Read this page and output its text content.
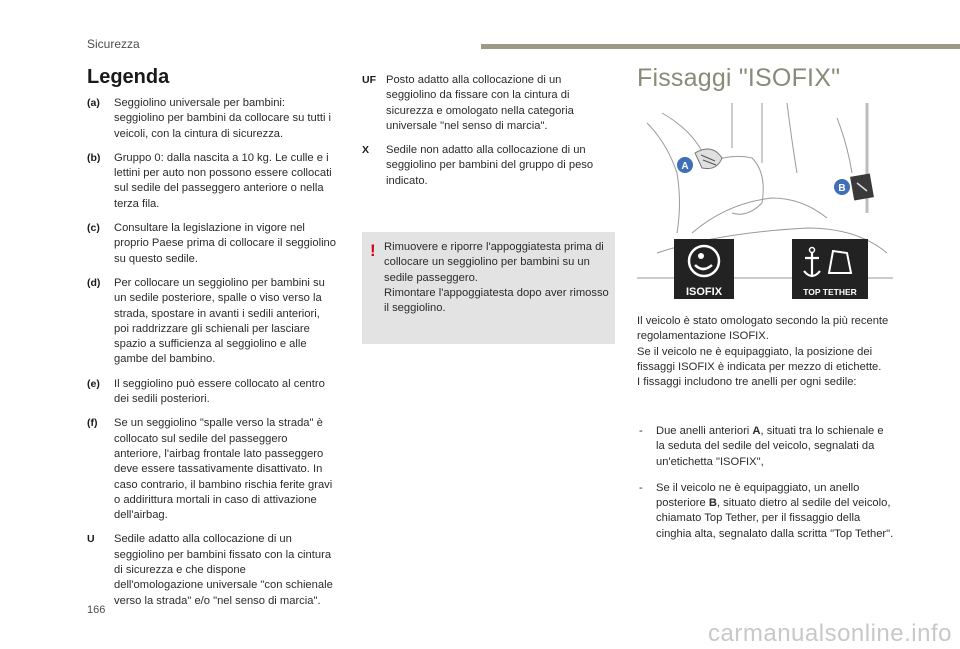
Sicurezza
Legenda
(a) Seggiolino universale per bambini: seggiolino per bambini da collocare su tutti i veicoli, con la cintura di sicurezza.
(b) Gruppo 0: dalla nascita a 10 kg. Le culle e i lettini per auto non possono essere collocati sul sedile del passeggero anteriore o nella terza fila.
(c) Consultare la legislazione in vigore nel proprio Paese prima di collocare il seggiolino su questo sedile.
(d) Per collocare un seggiolino per bambini su un sedile posteriore, spalle o viso verso la strada, spostare in avanti i sedili anteriori, poi raddrizzare gli schienali per lasciare spazio a sufficienza al seggiolino e alle gambe del bambino.
(e) Il seggiolino può essere collocato al centro dei sedili posteriori.
(f) Se un seggiolino "spalle verso la strada" è collocato sul sedile del passeggero anteriore, l'airbag frontale lato passeggero deve essere tassativamente disattivato. In caso contrario, il bambino rischia ferite gravi o addirittura mortali in caso di attivazione dell'airbag.
U Sedile adatto alla collocazione di un seggiolino per bambini fissato con la cintura di sicurezza e che dispone dell'omologazione universale "con schienale verso la strada" e/o "nel senso di marcia".
UF Posto adatto alla collocazione di un seggiolino da fissare con la cintura di sicurezza e omologato nella categoria universale "nel senso di marcia".
X Sedile non adatto alla collocazione di un seggiolino per bambini del gruppo di peso indicato.
! Rimuovere e riporre l'appoggiatesta prima di collocare un seggiolino per bambini su un sedile passeggero.
Rimontare l'appoggiatesta dopo aver rimosso il seggiolino.
Fissaggi "ISOFIX"
A
B
ISOFIX	TOP TETHER

Il veicolo è stato omologato secondo la più recente regolamentazione ISOFIX.

Se il veicolo ne è equipaggiato, la posizione dei fissaggi ISOFIX è indicata per mezzo di etichette.

I fissaggi includono tre anelli per ogni sedile:

- Due anelli anteriori A, situati tra lo schienale e la seduta del sedile del veicolo, segnalati da un'etichetta "ISOFIX",
- Se il veicolo ne è equipaggiato, un anello posteriore B, situato dietro al sedile del veicolo, chiamato Top Tether, per il fissaggio della cinghia alta, segnalato dalla scritta "Top Tether".
166
carmanualsonline.info
